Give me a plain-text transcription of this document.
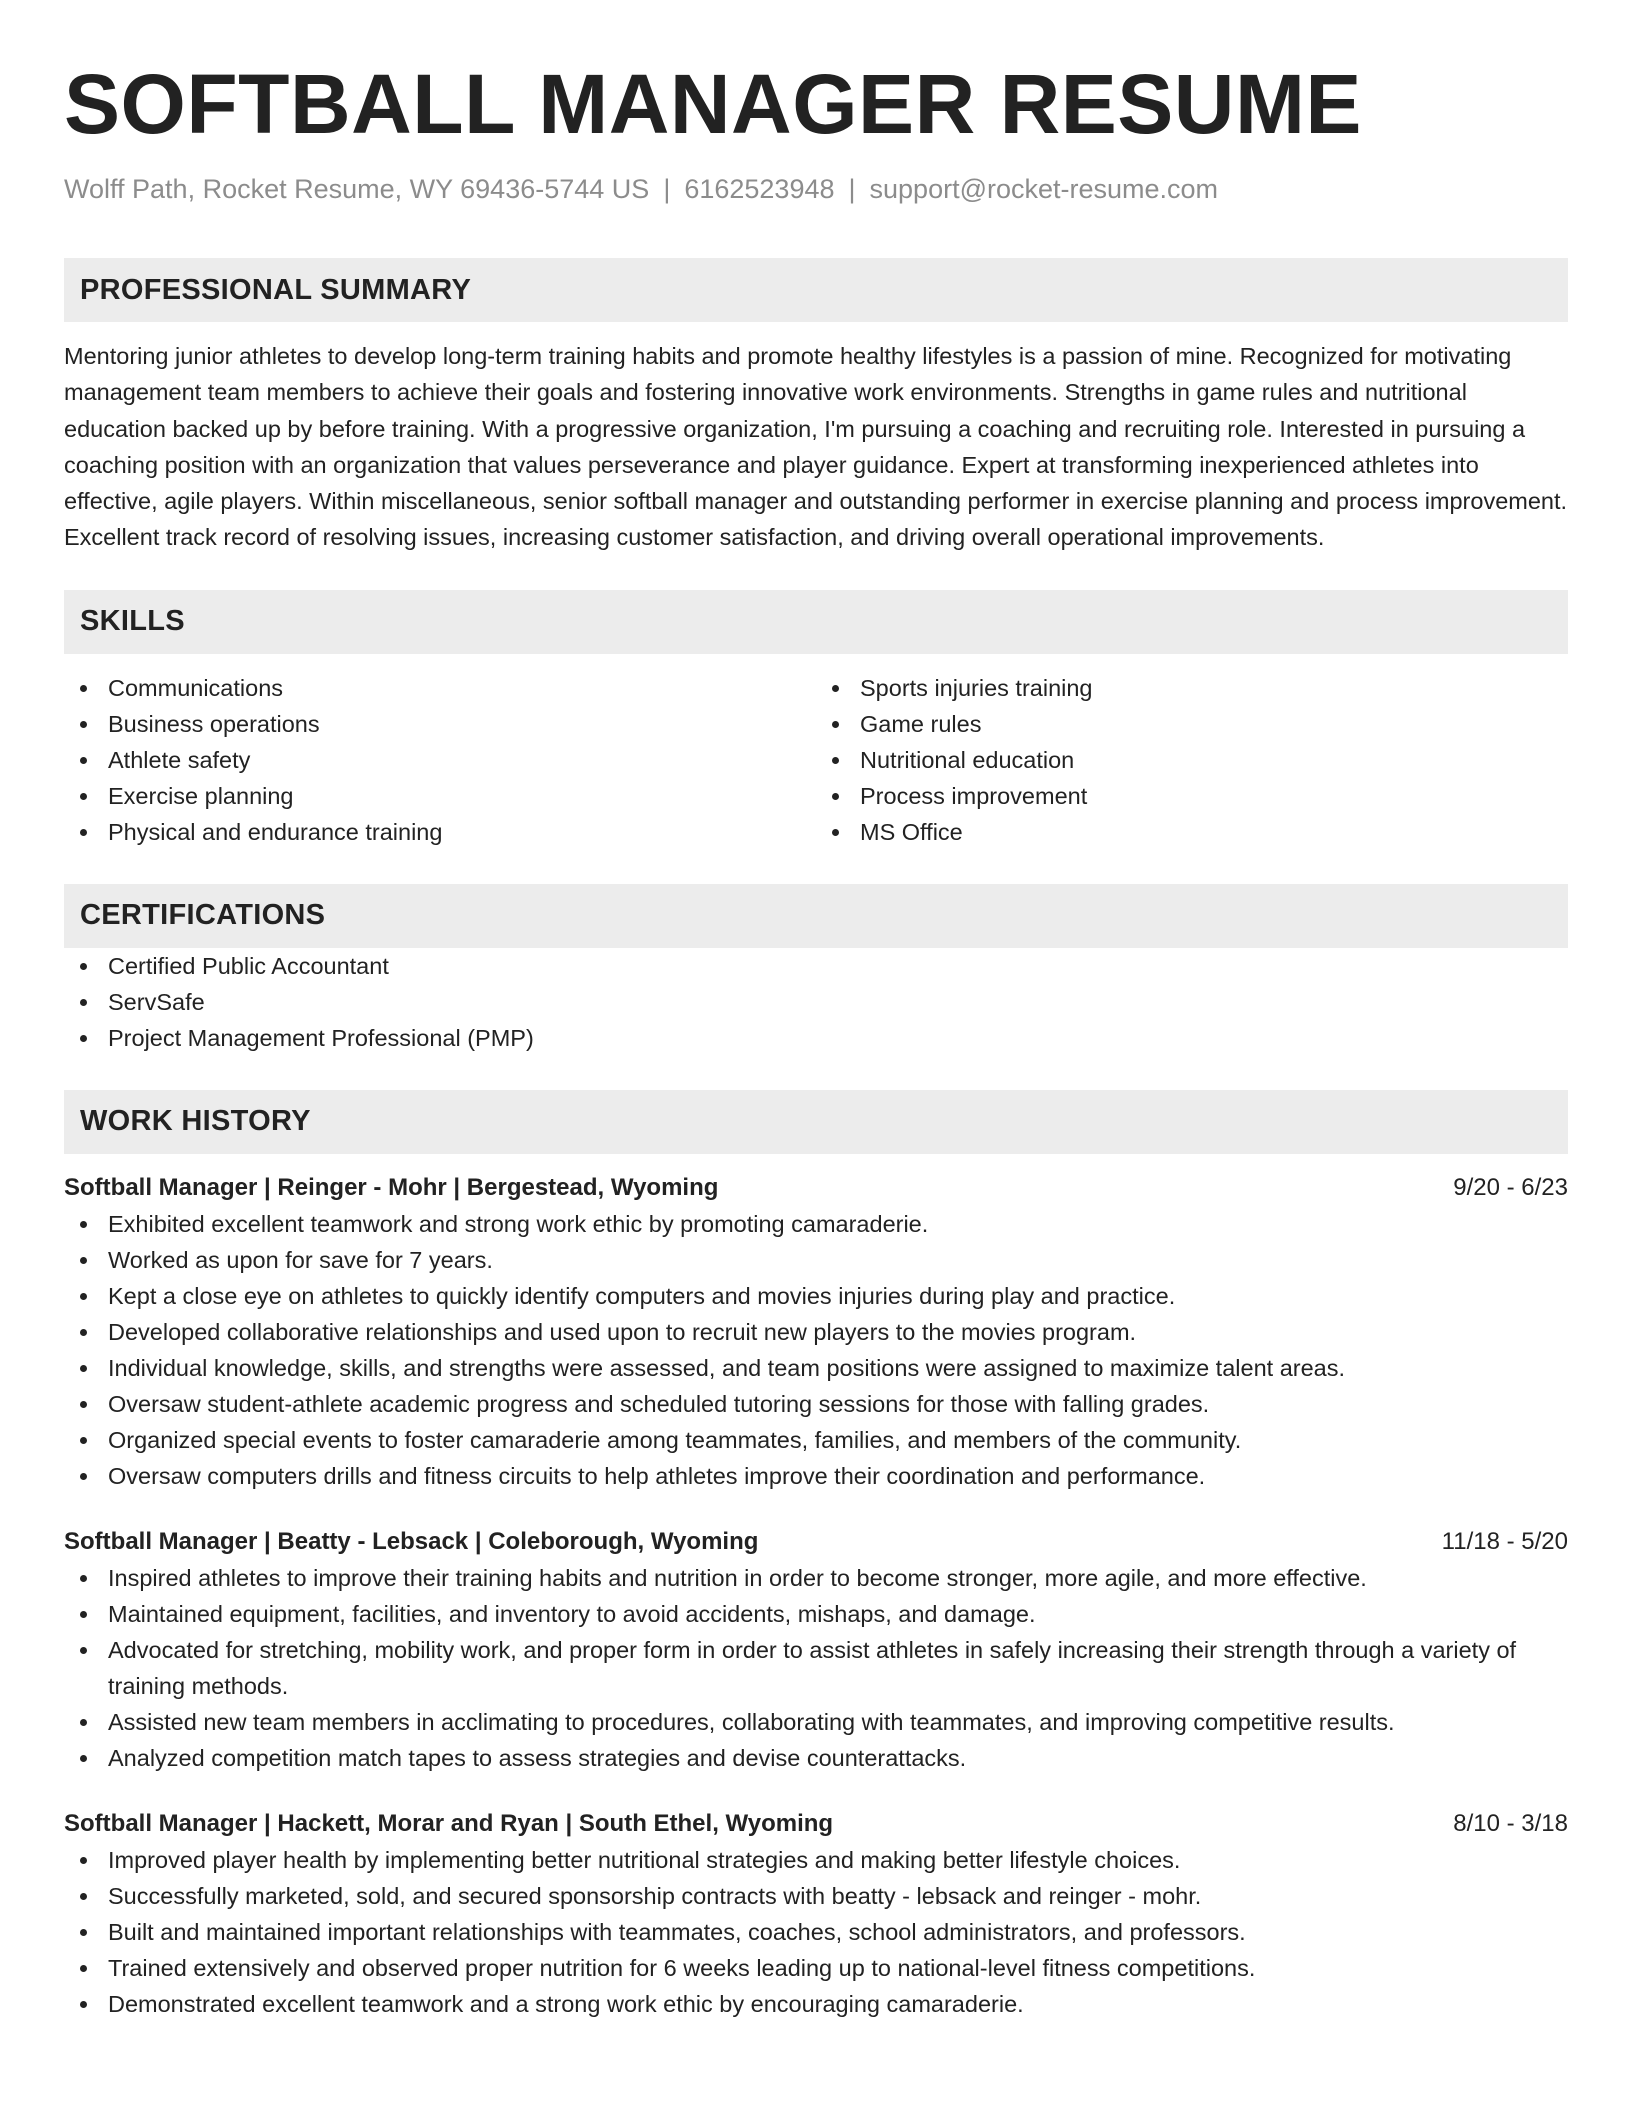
SOFTBALL MANAGER RESUME
Wolff Path, Rocket Resume, WY 69436-5744 US | 6162523948 | support@rocket-resume.com
PROFESSIONAL SUMMARY
Mentoring junior athletes to develop long-term training habits and promote healthy lifestyles is a passion of mine. Recognized for motivating management team members to achieve their goals and fostering innovative work environments. Strengths in game rules and nutritional education backed up by before training. With a progressive organization, I'm pursuing a coaching and recruiting role. Interested in pursuing a coaching position with an organization that values perseverance and player guidance. Expert at transforming inexperienced athletes into effective, agile players. Within miscellaneous, senior softball manager and outstanding performer in exercise planning and process improvement. Excellent track record of resolving issues, increasing customer satisfaction, and driving overall operational improvements.
SKILLS
Communications
Business operations
Athlete safety
Exercise planning
Physical and endurance training
Sports injuries training
Game rules
Nutritional education
Process improvement
MS Office
CERTIFICATIONS
Certified Public Accountant
ServSafe
Project Management Professional (PMP)
WORK HISTORY
Softball Manager | Reinger - Mohr | Bergestead, Wyoming	9/20 - 6/23
Exhibited excellent teamwork and strong work ethic by promoting camaraderie.
Worked as upon for save for 7 years.
Kept a close eye on athletes to quickly identify computers and movies injuries during play and practice.
Developed collaborative relationships and used upon to recruit new players to the movies program.
Individual knowledge, skills, and strengths were assessed, and team positions were assigned to maximize talent areas.
Oversaw student-athlete academic progress and scheduled tutoring sessions for those with falling grades.
Organized special events to foster camaraderie among teammates, families, and members of the community.
Oversaw computers drills and fitness circuits to help athletes improve their coordination and performance.
Softball Manager | Beatty - Lebsack | Coleborough, Wyoming	11/18 - 5/20
Inspired athletes to improve their training habits and nutrition in order to become stronger, more agile, and more effective.
Maintained equipment, facilities, and inventory to avoid accidents, mishaps, and damage.
Advocated for stretching, mobility work, and proper form in order to assist athletes in safely increasing their strength through a variety of training methods.
Assisted new team members in acclimating to procedures, collaborating with teammates, and improving competitive results.
Analyzed competition match tapes to assess strategies and devise counterattacks.
Softball Manager | Hackett, Morar and Ryan | South Ethel, Wyoming	8/10 - 3/18
Improved player health by implementing better nutritional strategies and making better lifestyle choices.
Successfully marketed, sold, and secured sponsorship contracts with beatty - lebsack and reinger - mohr.
Built and maintained important relationships with teammates, coaches, school administrators, and professors.
Trained extensively and observed proper nutrition for 6 weeks leading up to national-level fitness competitions.
Demonstrated excellent teamwork and a strong work ethic by encouraging camaraderie.
